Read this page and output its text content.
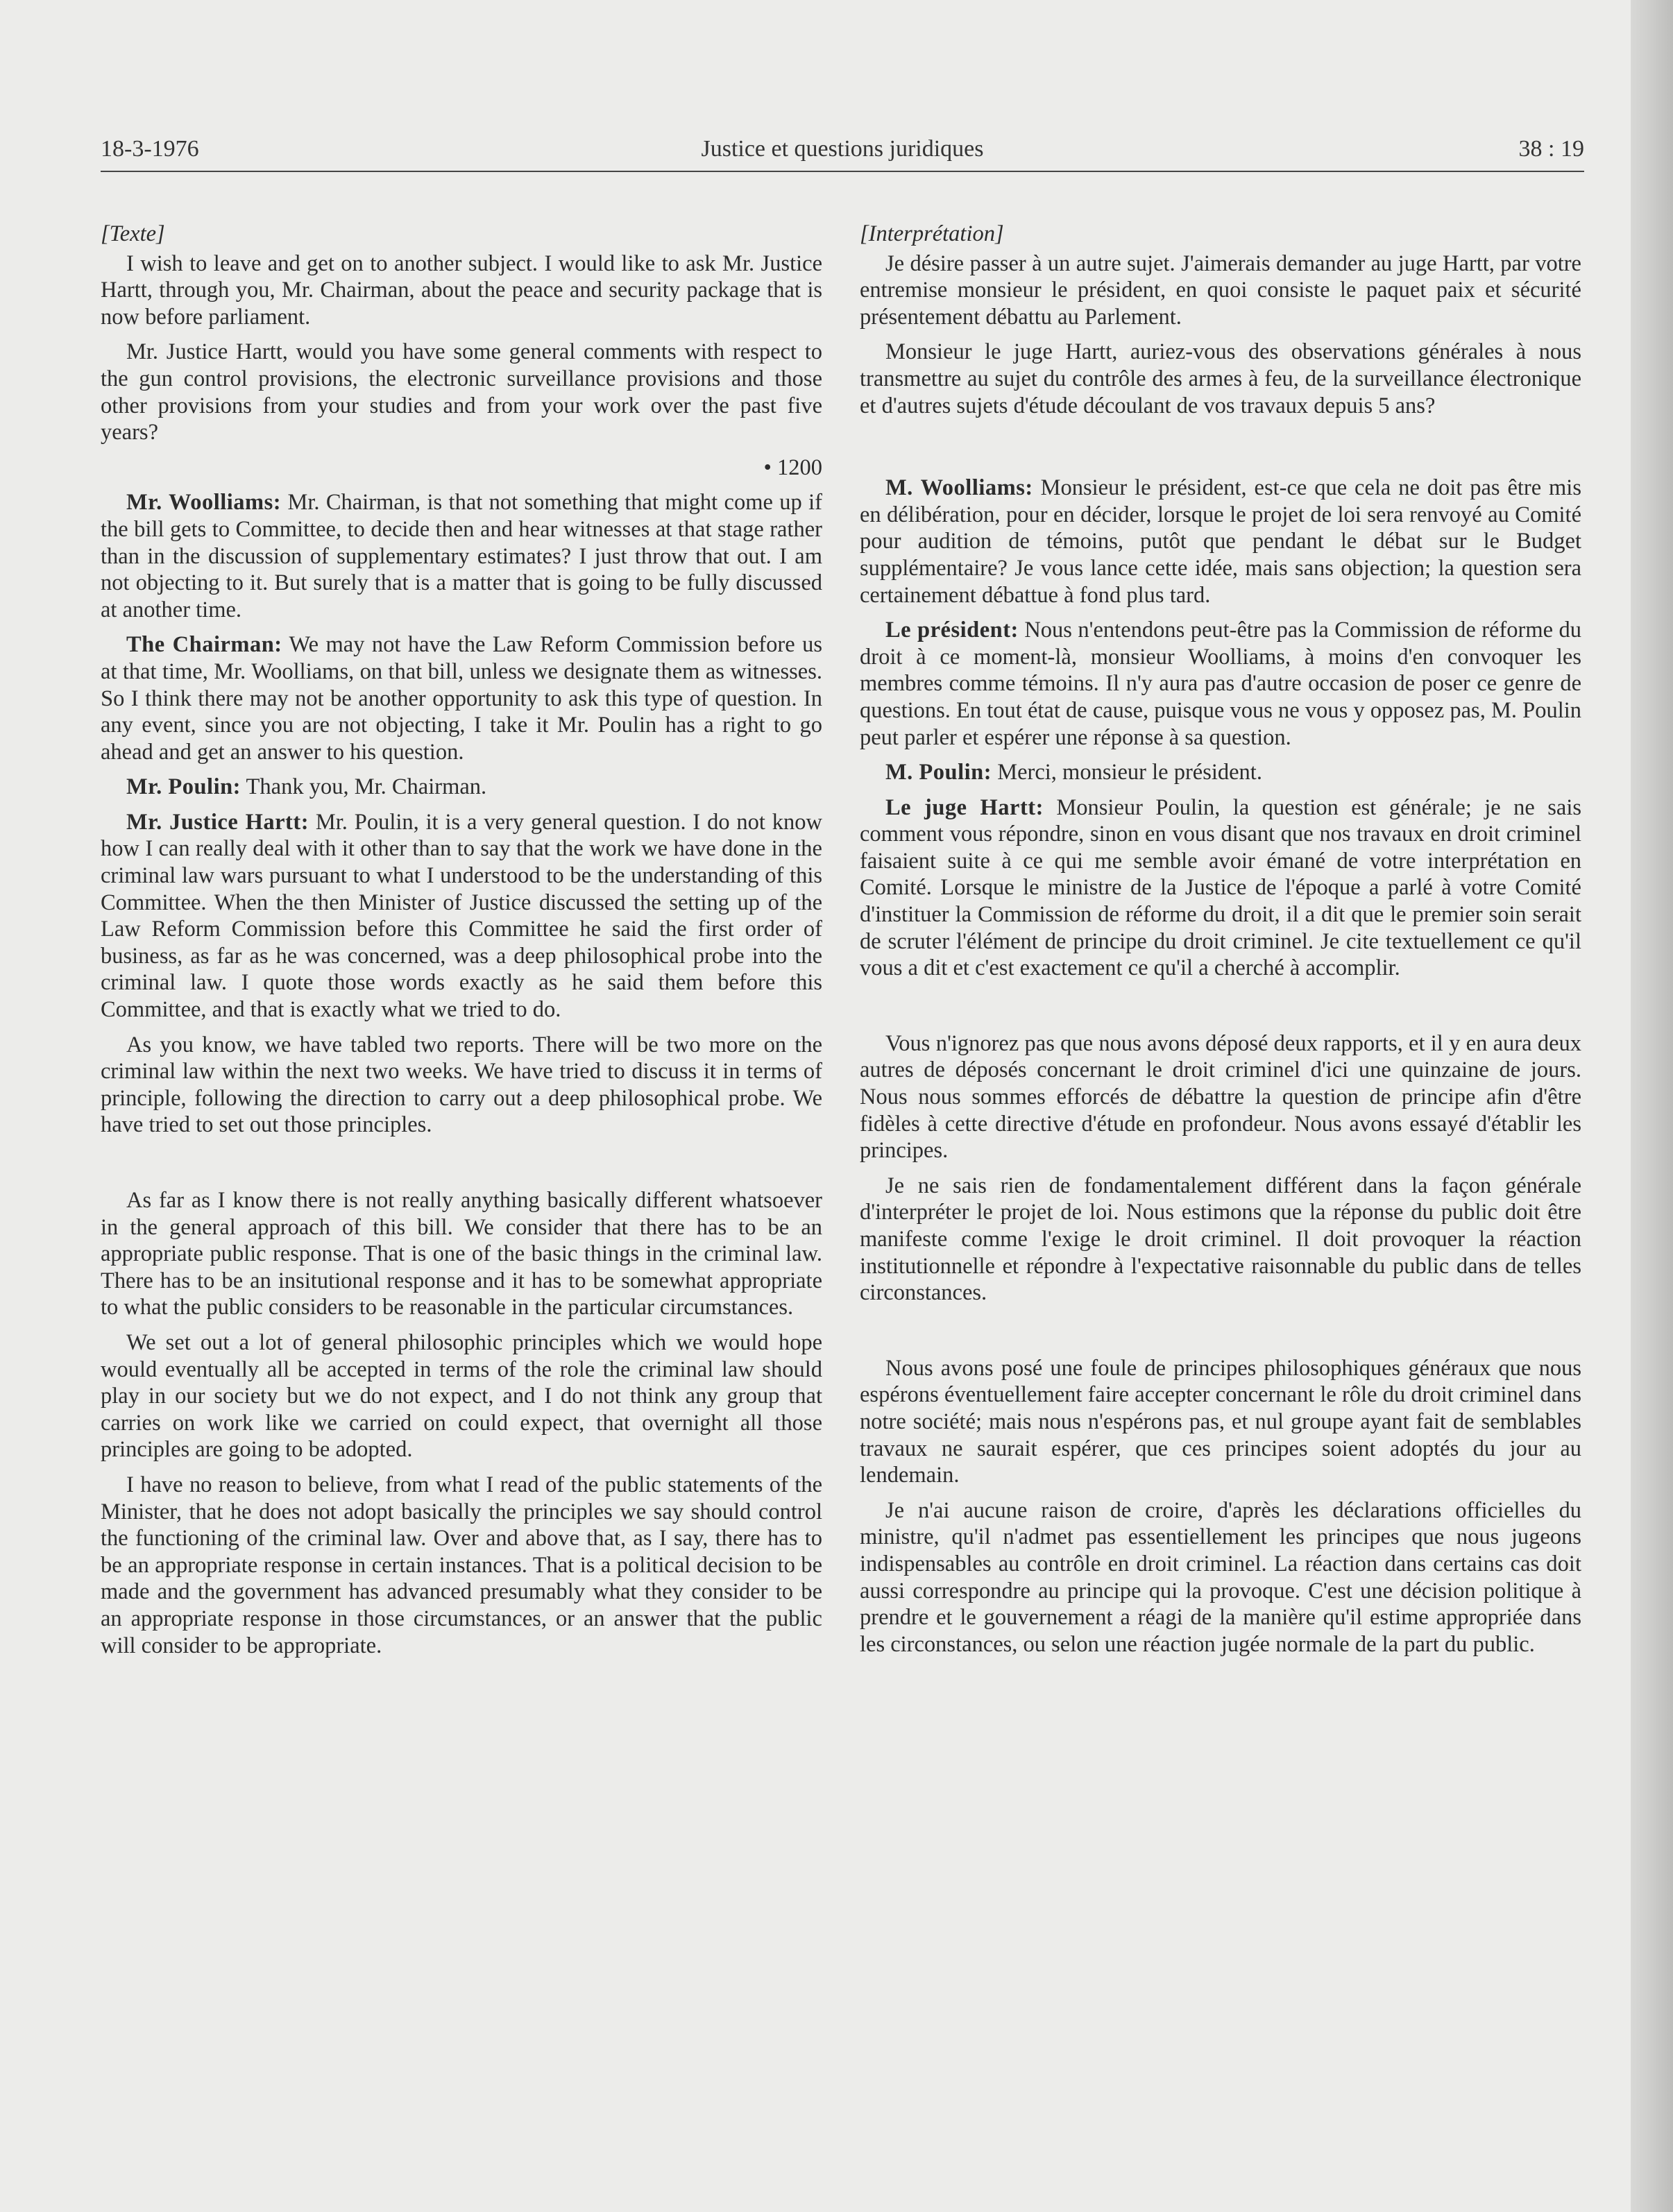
18-3-1976	Justice et questions juridiques	38 : 19
[Texte]

I wish to leave and get on to another subject. I would like to ask Mr. Justice Hartt, through you, Mr. Chairman, about the peace and security package that is now before parliament.

Mr. Justice Hartt, would you have some general comments with respect to the gun control provisions, the electronic surveillance provisions and those other provisions from your studies and from your work over the past five years?

• 1200

Mr. Woolliams: Mr. Chairman, is that not something that might come up if the bill gets to Committee, to decide then and hear witnesses at that stage rather than in the discussion of supplementary estimates? I just throw that out. I am not objecting to it. But surely that is a matter that is going to be fully discussed at another time.

The Chairman: We may not have the Law Reform Commission before us at that time, Mr. Woolliams, on that bill, unless we designate them as witnesses. So I think there may not be another opportunity to ask this type of question. In any event, since you are not objecting, I take it Mr. Poulin has a right to go ahead and get an answer to his question.

Mr. Poulin: Thank you, Mr. Chairman.

Mr. Justice Hartt: Mr. Poulin, it is a very general question. I do not know how I can really deal with it other than to say that the work we have done in the criminal law wars pursuant to what I understood to be the understanding of this Committee. When the then Minister of Justice discussed the setting up of the Law Reform Commission before this Committee he said the first order of business, as far as he was concerned, was a deep philosophical probe into the criminal law. I quote those words exactly as he said them before this Committee, and that is exactly what we tried to do.

As you know, we have tabled two reports. There will be two more on the criminal law within the next two weeks. We have tried to discuss it in terms of principle, following the direction to carry out a deep philosophical probe. We have tried to set out those principles.

As far as I know there is not really anything basically different whatsoever in the general approach of this bill. We consider that there has to be an appropriate public response. That is one of the basic things in the criminal law. There has to be an insitutional response and it has to be somewhat appropriate to what the public considers to be reasonable in the particular circumstances.

We set out a lot of general philosophic principles which we would hope would eventually all be accepted in terms of the role the criminal law should play in our society but we do not expect, and I do not think any group that carries on work like we carried on could expect, that overnight all those principles are going to be adopted.

I have no reason to believe, from what I read of the public statements of the Minister, that he does not adopt basically the principles we say should control the functioning of the criminal law. Over and above that, as I say, there has to be an appropriate response in certain instances. That is a political decision to be made and the government has advanced presumably what they consider to be an appropriate response in those circumstances, or an answer that the public will consider to be appropriate.

[Interprétation]

Je désire passer à un autre sujet. J'aimerais demander au juge Hartt, par votre entremise monsieur le président, en quoi consiste le paquet paix et sécurité présentement débattu au Parlement.

Monsieur le juge Hartt, auriez-vous des observations générales à nous transmettre au sujet du contrôle des armes à feu, de la surveillance électronique et d'autres sujets d'étude découlant de vos travaux depuis 5 ans?

M. Woolliams: Monsieur le président, est-ce que cela ne doit pas être mis en délibération, pour en décider, lorsque le projet de loi sera renvoyé au Comité pour audition de témoins, putôt que pendant le débat sur le Budget supplémentaire? Je vous lance cette idée, mais sans objection; la question sera certainement débattue à fond plus tard.

Le président: Nous n'entendons peut-être pas la Commission de réforme du droit à ce moment-là, monsieur Woolliams, à moins d'en convoquer les membres comme témoins. Il n'y aura pas d'autre occasion de poser ce genre de questions. En tout état de cause, puisque vous ne vous y opposez pas, M. Poulin peut parler et espérer une réponse à sa question.

M. Poulin: Merci, monsieur le président.

Le juge Hartt: Monsieur Poulin, la question est générale; je ne sais comment vous répondre, sinon en vous disant que nos travaux en droit criminel faisaient suite à ce qui me semble avoir émané de votre interprétation en Comité. Lorsque le ministre de la Justice de l'époque a parlé à votre Comité d'instituer la Commission de réforme du droit, il a dit que le premier soin serait de scruter l'élément de principe du droit criminel. Je cite textuellement ce qu'il vous a dit et c'est exactement ce qu'il a cherché à accomplir.

Vous n'ignorez pas que nous avons déposé deux rapports, et il y en aura deux autres de déposés concernant le droit criminel d'ici une quinzaine de jours. Nous nous sommes efforcés de débattre la question de principe afin d'être fidèles à cette directive d'étude en profondeur. Nous avons essayé d'établir les principes.

Je ne sais rien de fondamentalement différent dans la façon générale d'interpréter le projet de loi. Nous estimons que la réponse du public doit être manifeste comme l'exige le droit criminel. Il doit provoquer la réaction institutionnelle et répondre à l'expectative raisonnable du public dans de telles circonstances.

Nous avons posé une foule de principes philosophiques généraux que nous espérons éventuellement faire accepter concernant le rôle du droit criminel dans notre société; mais nous n'espérons pas, et nul groupe ayant fait de semblables travaux ne saurait espérer, que ces principes soient adoptés du jour au lendemain.

Je n'ai aucune raison de croire, d'après les déclarations officielles du ministre, qu'il n'admet pas essentiellement les principes que nous jugeons indispensables au contrôle en droit criminel. La réaction dans certains cas doit aussi correspondre au principe qui la provoque. C'est une décision politique à prendre et le gouvernement a réagi de la manière qu'il estime appropriée dans les circonstances, ou selon une réaction jugée normale de la part du public.
